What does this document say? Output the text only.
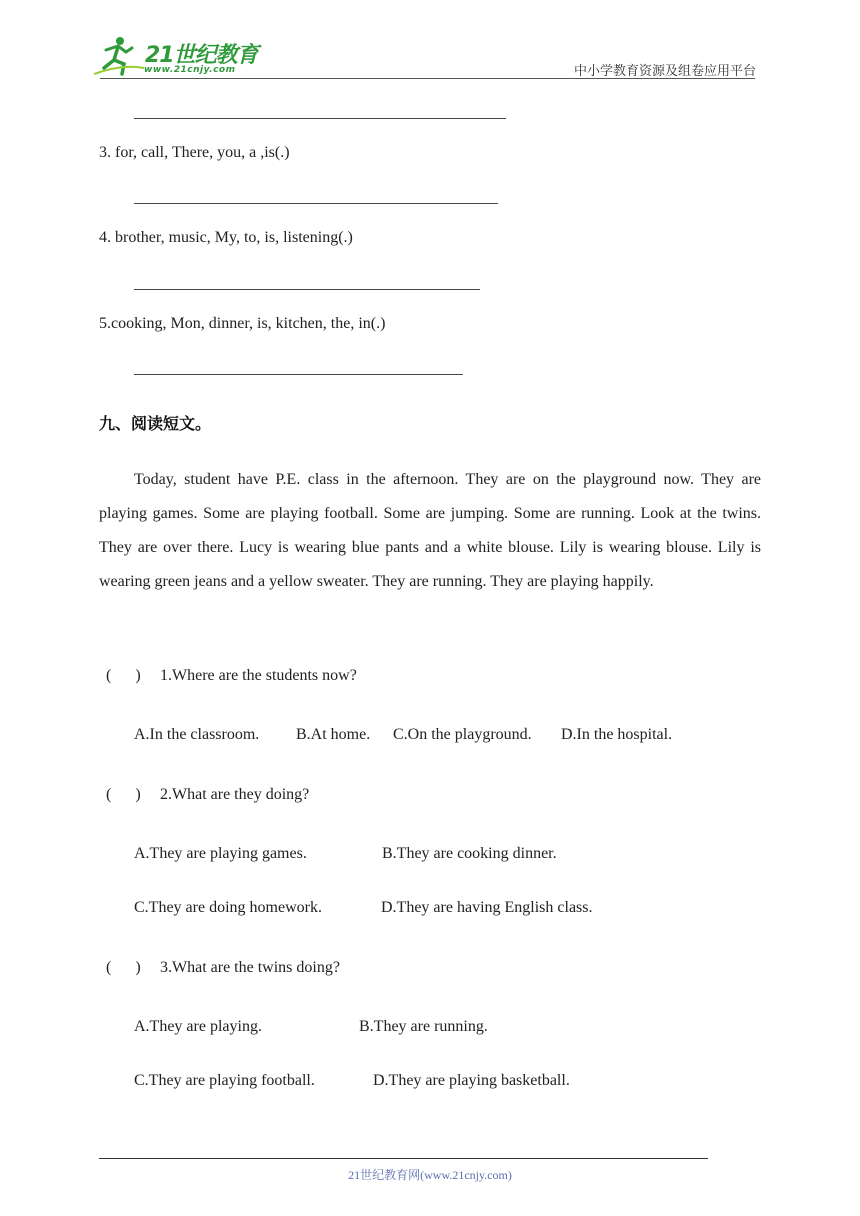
21世纪教育
www.21cnjy.com	中小学教育资源及组卷应用平台
3. for, call, There, you, a ,is(.)
4. brother, music, My, to, is, listening(.)
5.cooking, Mon, dinner, is, kitchen, the, in(.)
九、阅读短文。

Today, student have P.E. class in the afternoon. They are on the playground now. They are playing games. Some are playing football. Some are jumping. Some are running. Look at the twins. They are over there. Lucy is wearing blue pants and a white blouse. Lily is wearing blouse. Lily is wearing green jeans and a yellow sweater. They are running. They are playing happily.

(      ) 1.Where are the students now?
A.In the classroom. B.At home. C.On the playground. D.In the hospital.
(      ) 2.What are they doing?
A.They are playing games.	B.They are cooking dinner.
C.They are doing homework.	D.They are having English class.
(      ) 3.What are the twins doing?
A.They are playing.	B.They are running.
C.They are playing football.	D.They are playing basketball.
21世纪教育网(www.21cnjy.com)
